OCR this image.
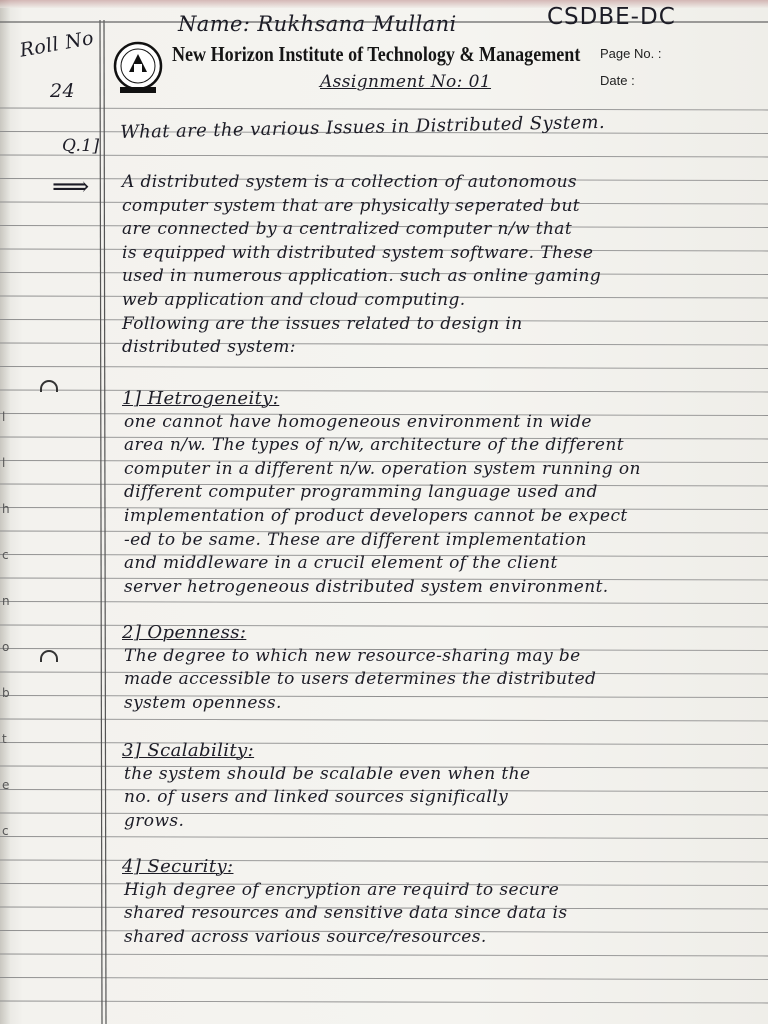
Roll No
24
Name: Rukhsana Mullani	CSDBE-DC
New Horizon Institute of Technology & Management Page No. :
Date :
Assignment No: 01
Q.1]
What are the various Issues in Distributed System.
⟹ A distributed system is a collection of autonomous
computer system that are physically seperated but
are connected by a centralized computer n/w that
is equipped with distributed system software. These
used in numerous application. such as online gaming
web application and cloud computing.
Following are the issues related to design in
distributed system:
1] Hetrogeneity:
one cannot have homogeneous environment in wide
area n/w. The types of n/w, architecture of the different
computer in a different n/w. operation system running on
different computer programming language used and
implementation of product developers cannot be expect
-ed to be same. These are different implementation
and middleware in a crucil element of the client
server hetrogeneous distributed system environment.
2] Openness:
The degree to which new resource-sharing may be
made accessible to users determines the distributed
system openness.
3] Scalability:
the system should be scalable even when the
no. of users and linked sources significally
grows.
4] Security:
High degree of encryption are requird to secure
shared resources and sensitive data since data is
shared across various source/resources.
l
l
h
c
n
o
b
t
e
c
